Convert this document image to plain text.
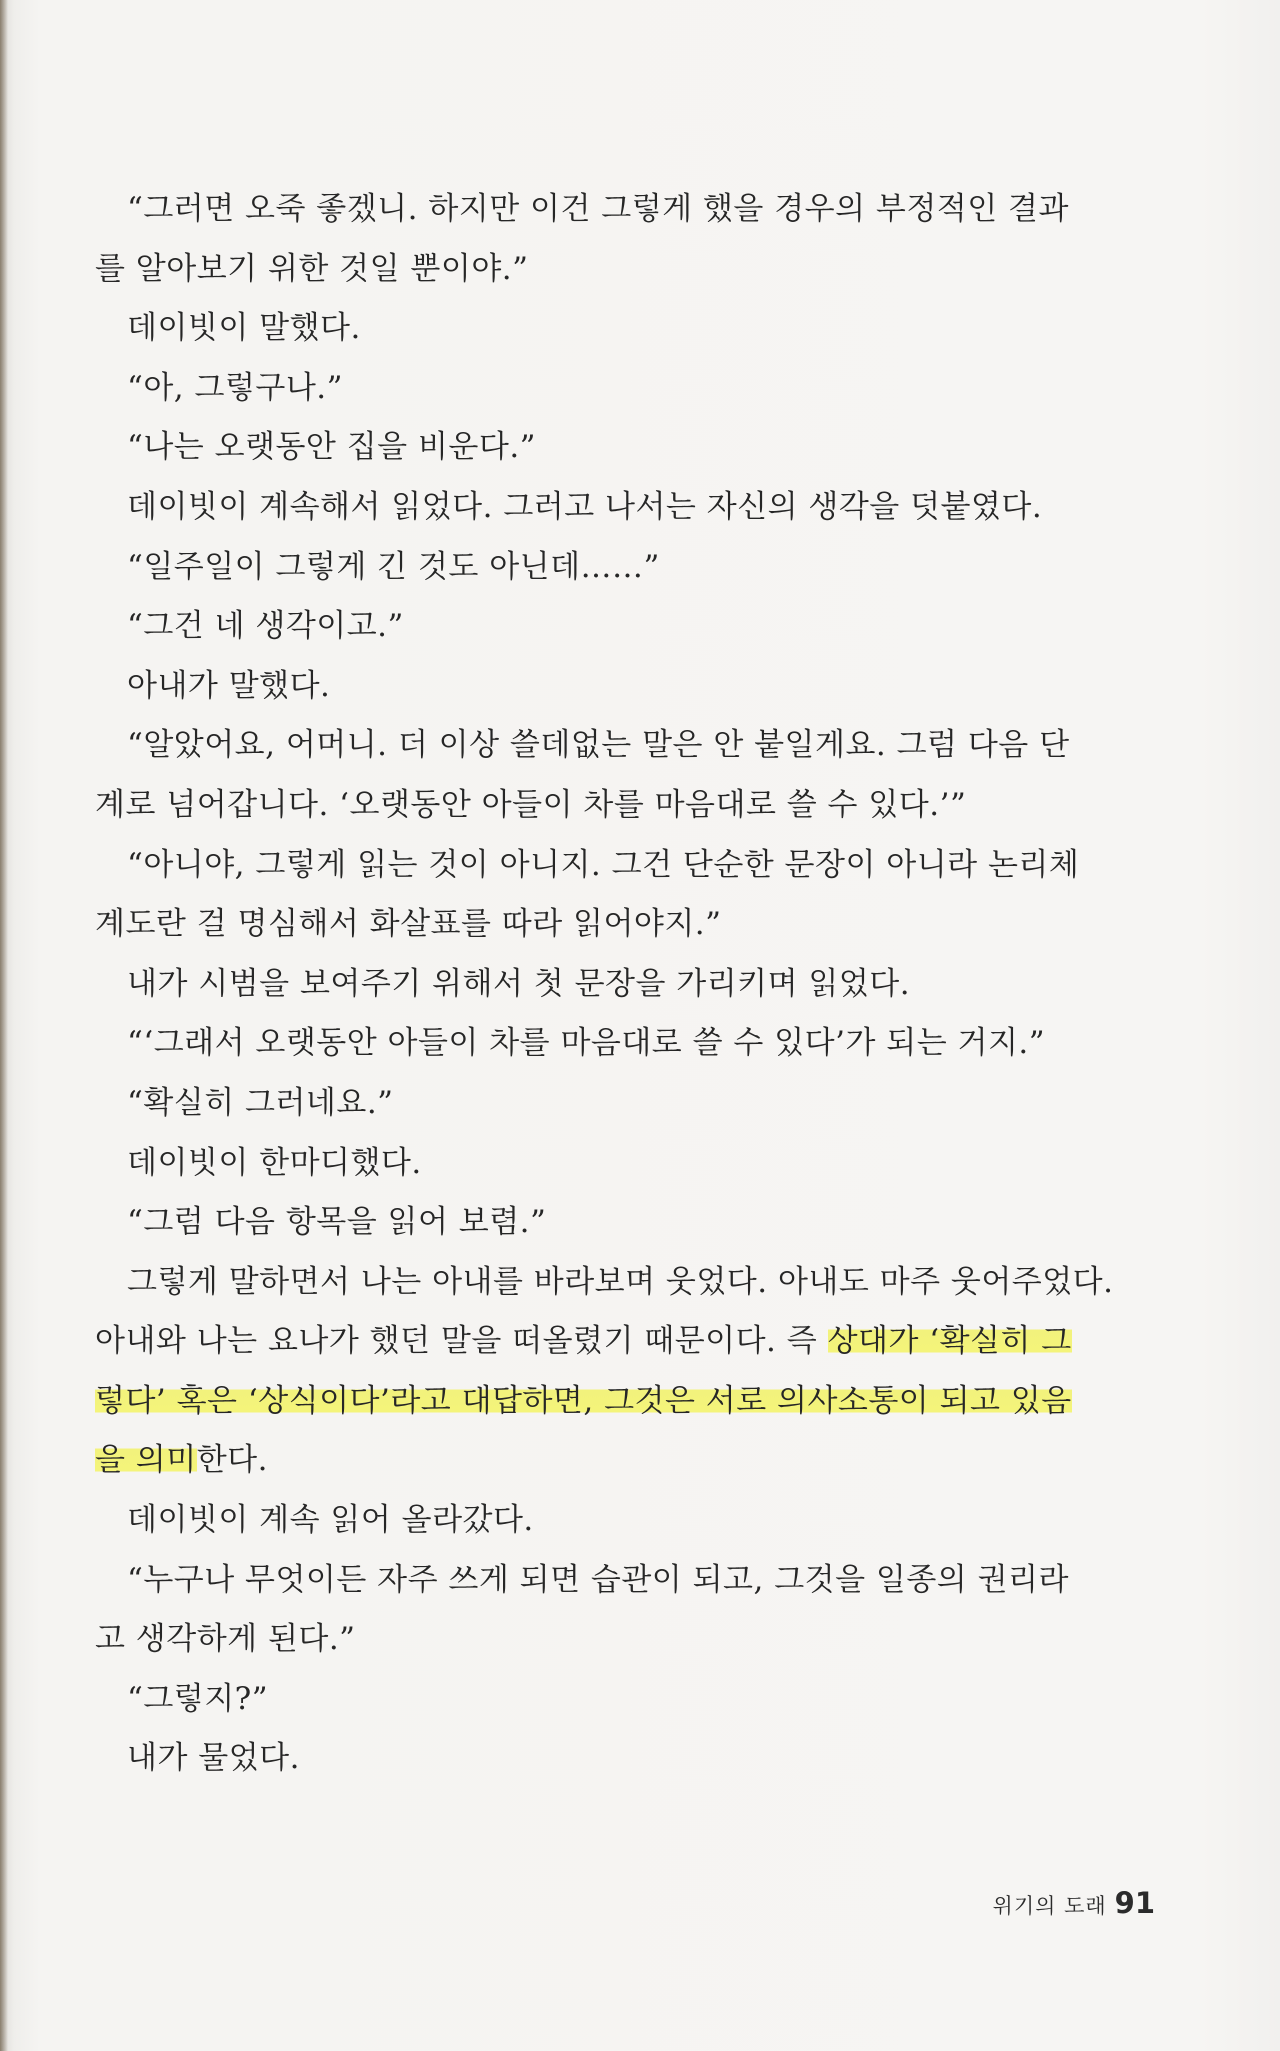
“그러면 오죽 좋겠니. 하지만 이건 그렇게 했을 경우의 부정적인 결과
를 알아보기 위한 것일 뿐이야.”
데이빗이 말했다.
“아, 그렇구나.”
“나는 오랫동안 집을 비운다.”
데이빗이 계속해서 읽었다. 그러고 나서는 자신의 생각을 덧붙였다.
“일주일이 그렇게 긴 것도 아닌데……”
“그건 네 생각이고.”
아내가 말했다.
“알았어요, 어머니. 더 이상 쓸데없는 말은 안 붙일게요. 그럼 다음 단
계로 넘어갑니다. ‘오랫동안 아들이 차를 마음대로 쓸 수 있다.’”
“아니야, 그렇게 읽는 것이 아니지. 그건 단순한 문장이 아니라 논리체
계도란 걸 명심해서 화살표를 따라 읽어야지.”
내가 시범을 보여주기 위해서 첫 문장을 가리키며 읽었다.
“‘그래서 오랫동안 아들이 차를 마음대로 쓸 수 있다’가 되는 거지.”
“확실히 그러네요.”
데이빗이 한마디했다.
“그럼 다음 항목을 읽어 보렴.”
그렇게 말하면서 나는 아내를 바라보며 웃었다. 아내도 마주 웃어주었다.
아내와 나는 요나가 했던 말을 떠올렸기 때문이다. 즉 상대가 ‘확실히 그
렇다’ 혹은 ‘상식이다’라고 대답하면, 그것은 서로 의사소통이 되고 있음
을 의미한다.
데이빗이 계속 읽어 올라갔다.
“누구나 무엇이든 자주 쓰게 되면 습관이 되고, 그것을 일종의 권리라
고 생각하게 된다.”
“그렇지?”
내가 물었다.
위기의 도래 91
